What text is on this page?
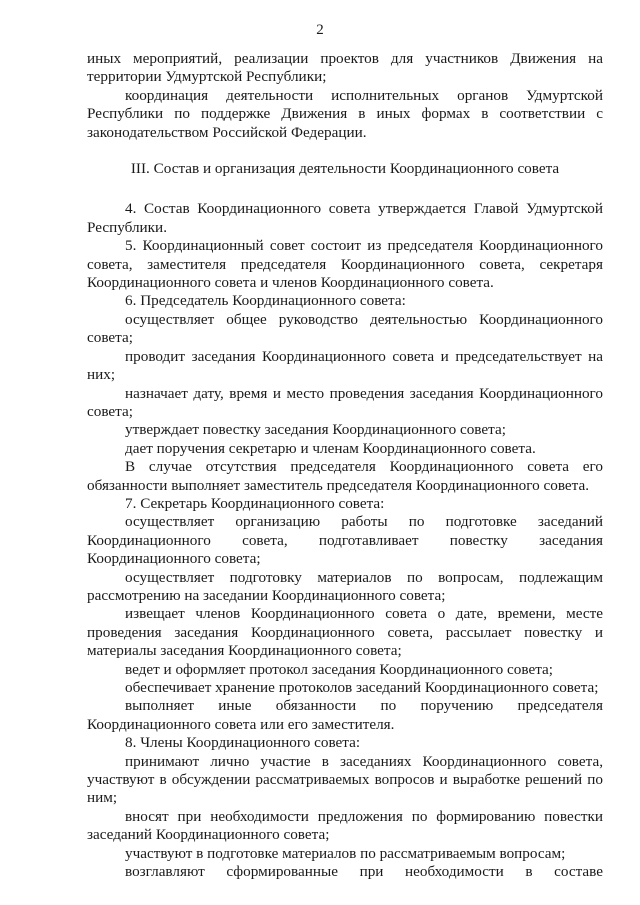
2

иных мероприятий, реализации проектов для участников Движения на территории Удмуртской Республики;

координация деятельности исполнительных органов Удмуртской Республики по поддержке Движения в иных формах в соответствии с законодательством Российской Федерации.

III. Состав и организация деятельности Координационного совета

4. Состав Координационного совета утверждается Главой Удмуртской Республики.

5. Координационный совет состоит из председателя Координационного совета, заместителя председателя Координационного совета, секретаря Координационного совета и членов Координационного совета.

6. Председатель Координационного совета:

осуществляет общее руководство деятельностью Координационного совета;

проводит заседания Координационного совета и председательствует на них;

назначает дату, время и место проведения заседания Координационного совета;

утверждает повестку заседания Координационного совета;

дает поручения секретарю и членам Координационного совета.

В случае отсутствия председателя Координационного совета его обязанности выполняет заместитель председателя Координационного совета.

7. Секретарь Координационного совета:

осуществляет организацию работы по подготовке заседаний Координационного совета, подготавливает повестку заседания Координационного совета;

осуществляет подготовку материалов по вопросам, подлежащим рассмотрению на заседании Координационного совета;

извещает членов Координационного совета о дате, времени, месте проведения заседания Координационного совета, рассылает повестку и материалы заседания Координационного совета;

ведет и оформляет протокол заседания Координационного совета;

обеспечивает хранение протоколов заседаний Координационного совета;

выполняет иные обязанности по поручению председателя Координационного совета или его заместителя.

8. Члены Координационного совета:

принимают лично участие в заседаниях Координационного совета, участвуют в обсуждении рассматриваемых вопросов и выработке решений по ним;

вносят при необходимости предложения по формированию повестки заседаний Координационного совета;

участвуют в подготовке материалов по рассматриваемым вопросам;

возглавляют сформированные при необходимости в составе
